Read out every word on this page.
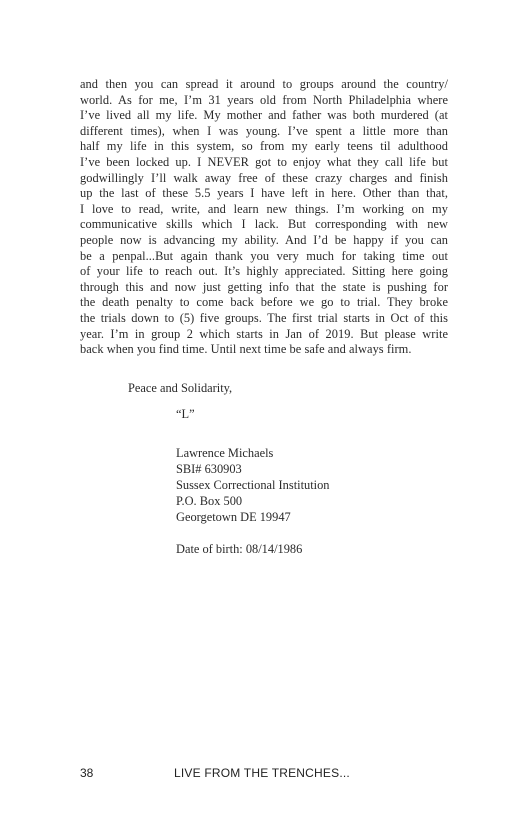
and then you can spread it around to groups around the country/
world. As for me, I’m 31 years old from North Philadelphia where
I’ve lived all my life. My mother and father was both murdered (at
different times), when I was young. I’ve spent a little more than
half my life in this system, so from my early teens til adulthood
I’ve been locked up. I NEVER got to enjoy what they call life but
godwillingly I’ll walk away free of these crazy charges and finish
up the last of these 5.5 years I have left in here. Other than that,
I love to read, write, and learn new things. I’m working on my
communicative skills which I lack. But corresponding with new
people now is advancing my ability. And I’d be happy if you can
be a penpal...But again thank you very much for taking time out
of your life to reach out. It’s highly appreciated. Sitting here going
through this and now just getting info that the state is pushing for
the death penalty to come back before we go to trial. They broke
the trials down to (5) five groups. The first trial starts in Oct of this
year. I’m in group 2 which starts in Jan of 2019. But please write
back when you find time. Until next time be safe and always firm.
Peace and Solidarity,
“L”
Lawrence Michaels
SBI# 630903
Sussex Correctional Institution
P.O. Box 500
Georgetown DE 19947
Date of birth: 08/14/1986
38	LIVE FROM THE TRENCHES...
